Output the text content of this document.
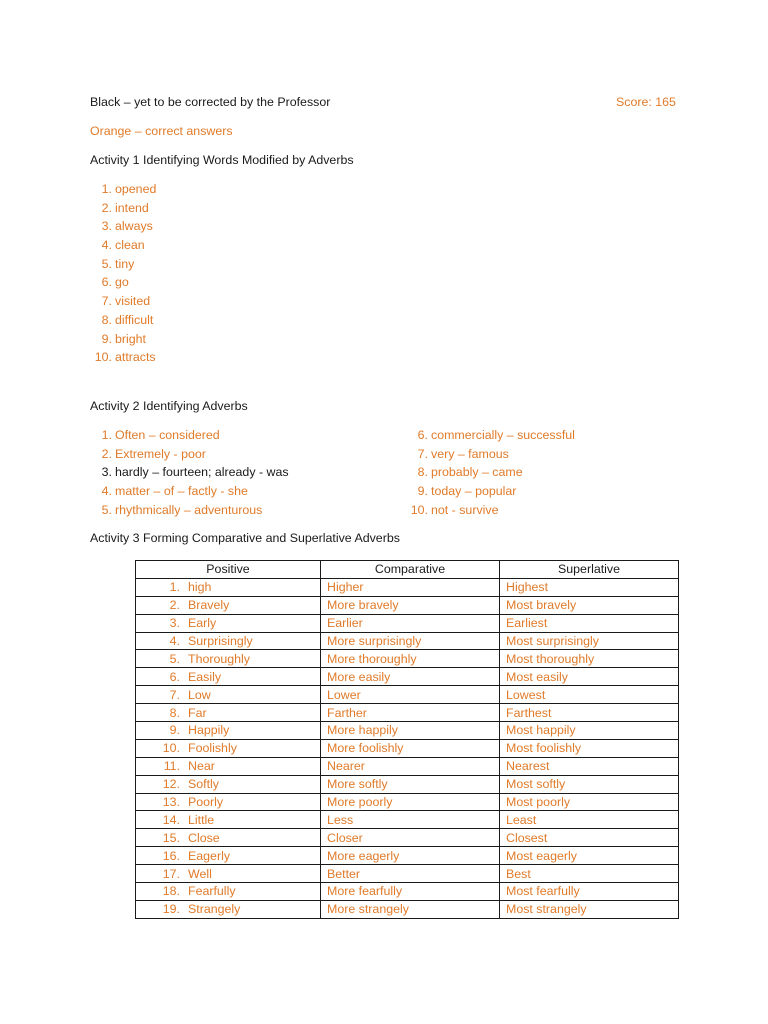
Black – yet to be corrected by the Professor	Score: 165
Orange – correct answers
Activity 1 Identifying Words Modified by Adverbs
1. opened
2. intend
3. always
4. clean
5. tiny
6. go
7. visited
8. difficult
9. bright
10. attracts
Activity 2 Identifying Adverbs
1. Often – considered
2. Extremely - poor
3. hardly – fourteen; already - was
4. matter – of – factly - she
5. rhythmically – adventurous
6. commercially – successful
7. very – famous
8. probably – came
9. today – popular
10. not - survive
Activity 3 Forming Comparative and Superlative Adverbs
Positive	Comparative	Superlative
1. high	Higher	Highest
2. Bravely	More bravely	Most bravely
3. Early	Earlier	Earliest
4. Surprisingly	More surprisingly	Most surprisingly
5. Thoroughly	More thoroughly	Most thoroughly
6. Easily	More easily	Most easily
7. Low	Lower	Lowest
8. Far	Farther	Farthest
9. Happily	More happily	Most happily
10. Foolishly	More foolishly	Most foolishly
11. Near	Nearer	Nearest
12. Softly	More softly	Most softly
13. Poorly	More poorly	Most poorly
14. Little	Less	Least
15. Close	Closer	Closest
16. Eagerly	More eagerly	Most eagerly
17. Well	Better	Best
18. Fearfully	More fearfully	Most fearfully
19. Strangely	More strangely	Most strangely
